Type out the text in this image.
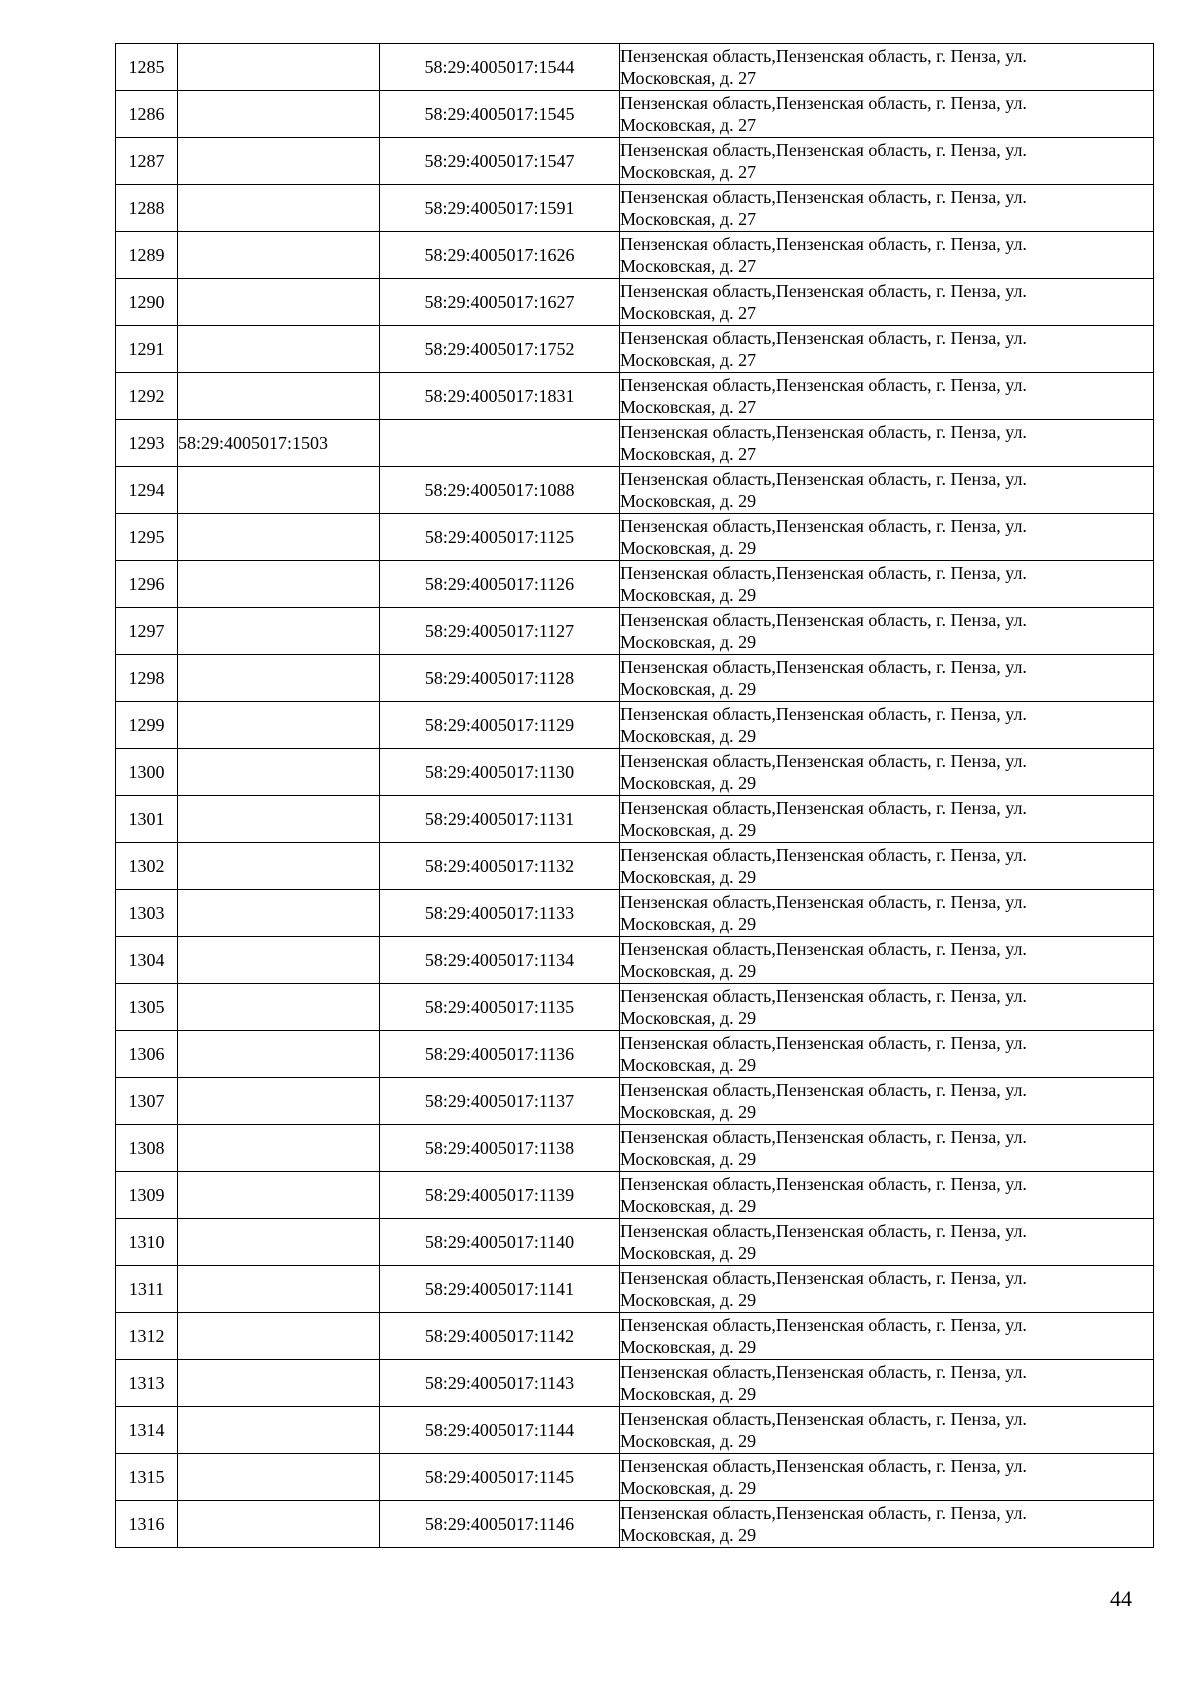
1285		58:29:4005017:1544	Пензенская область,Пензенская область, г. Пенза, ул.
Московская, д. 27

1286		58:29:4005017:1545	Пензенская область,Пензенская область, г. Пенза, ул.
Московская, д. 27

1287		58:29:4005017:1547	Пензенская область,Пензенская область, г. Пенза, ул.
Московская, д. 27

1288		58:29:4005017:1591	Пензенская область,Пензенская область, г. Пенза, ул.
Московская, д. 27

1289		58:29:4005017:1626	Пензенская область,Пензенская область, г. Пенза, ул.
Московская, д. 27

1290		58:29:4005017:1627	Пензенская область,Пензенская область, г. Пенза, ул.
Московская, д. 27

1291		58:29:4005017:1752	Пензенская область,Пензенская область, г. Пенза, ул.
Московская, д. 27

1292		58:29:4005017:1831	Пензенская область,Пензенская область, г. Пенза, ул.
Московская, д. 27

1293	58:29:4005017:1503		Пензенская область,Пензенская область, г. Пенза, ул.
Московская, д. 27

1294		58:29:4005017:1088	Пензенская область,Пензенская область, г. Пенза, ул.
Московская, д. 29

1295		58:29:4005017:1125	Пензенская область,Пензенская область, г. Пенза, ул.
Московская, д. 29

1296		58:29:4005017:1126	Пензенская область,Пензенская область, г. Пенза, ул.
Московская, д. 29

1297		58:29:4005017:1127	Пензенская область,Пензенская область, г. Пенза, ул.
Московская, д. 29

1298		58:29:4005017:1128	Пензенская область,Пензенская область, г. Пенза, ул.
Московская, д. 29

1299		58:29:4005017:1129	Пензенская область,Пензенская область, г. Пенза, ул.
Московская, д. 29

1300		58:29:4005017:1130	Пензенская область,Пензенская область, г. Пенза, ул.
Московская, д. 29

1301		58:29:4005017:1131	Пензенская область,Пензенская область, г. Пенза, ул.
Московская, д. 29

1302		58:29:4005017:1132	Пензенская область,Пензенская область, г. Пенза, ул.
Московская, д. 29

1303		58:29:4005017:1133	Пензенская область,Пензенская область, г. Пенза, ул.
Московская, д. 29

1304		58:29:4005017:1134	Пензенская область,Пензенская область, г. Пенза, ул.
Московская, д. 29

1305		58:29:4005017:1135	Пензенская область,Пензенская область, г. Пенза, ул.
Московская, д. 29

1306		58:29:4005017:1136	Пензенская область,Пензенская область, г. Пенза, ул.
Московская, д. 29

1307		58:29:4005017:1137	Пензенская область,Пензенская область, г. Пенза, ул.
Московская, д. 29

1308		58:29:4005017:1138	Пензенская область,Пензенская область, г. Пенза, ул.
Московская, д. 29

1309		58:29:4005017:1139	Пензенская область,Пензенская область, г. Пенза, ул.
Московская, д. 29

1310		58:29:4005017:1140	Пензенская область,Пензенская область, г. Пенза, ул.
Московская, д. 29

1311		58:29:4005017:1141	Пензенская область,Пензенская область, г. Пенза, ул.
Московская, д. 29

1312		58:29:4005017:1142	Пензенская область,Пензенская область, г. Пенза, ул.
Московская, д. 29

1313		58:29:4005017:1143	Пензенская область,Пензенская область, г. Пенза, ул.
Московская, д. 29

1314		58:29:4005017:1144	Пензенская область,Пензенская область, г. Пенза, ул.
Московская, д. 29

1315		58:29:4005017:1145	Пензенская область,Пензенская область, г. Пенза, ул.
Московская, д. 29

1316		58:29:4005017:1146	Пензенская область,Пензенская область, г. Пенза, ул.
Московская, д. 29
44
